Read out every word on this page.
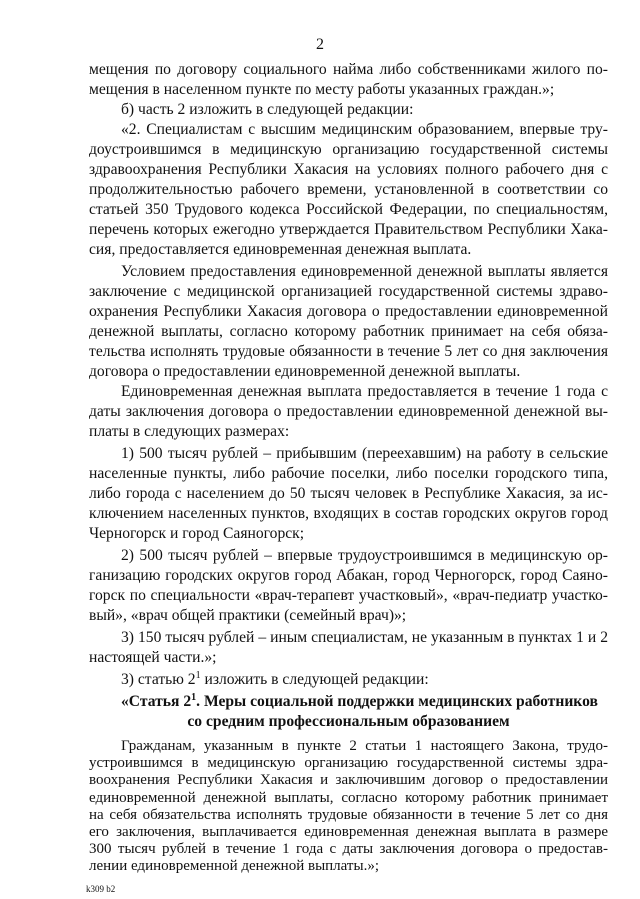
2

мещения по договору социального найма либо собственниками жилого по-

мещения в населенном пункте по месту работы указанных граждан.»;

б) часть 2 изложить в следующей редакции:

«2. Специалистам с высшим медицинским образованием, впервые тру-

доустроившимся в медицинскую организацию государственной системы

здравоохранения Республики Хакасия на условиях полного рабочего дня с

продолжительностью рабочего времени, установленной в соответствии со

статьей 350 Трудового кодекса Российской Федерации, по специальностям,

перечень которых ежегодно утверждается Правительством Республики Хака-

сия, предоставляется единовременная денежная выплата.

Условием предоставления единовременной денежной выплаты является

заключение с медицинской организацией государственной системы здраво-

охранения Республики Хакасия договора о предоставлении единовременной

денежной выплаты, согласно которому работник принимает на себя обяза-

тельства исполнять трудовые обязанности в течение 5 лет со дня заключения

договора о предоставлении единовременной денежной выплаты.

Единовременная денежная выплата предоставляется в течение 1 года с

даты заключения договора о предоставлении единовременной денежной вы-

платы в следующих размерах:

1) 500 тысяч рублей – прибывшим (переехавшим) на работу в сельские

населенные пункты, либо рабочие поселки, либо поселки городского типа,

либо города с населением до 50 тысяч человек в Республике Хакасия, за ис-

ключением населенных пунктов, входящих в состав городских округов город

Черногорск и город Саяногорск;

2) 500 тысяч рублей – впервые трудоустроившимся в медицинскую ор-

ганизацию городских округов город Абакан, город Черногорск, город Саяно-

горск по специальности «врач-терапевт участковый», «врач-педиатр участко-

вый», «врач общей практики (семейный врач)»;

3) 150 тысяч рублей – иным специалистам, не указанным в пунктах 1 и 2

настоящей части.»;

3) статью $2^1$ изложить в следующей редакции:

«Статья $2^1$. Меры социальной поддержки медицинских работников

со средним профессиональным образованием

Гражданам, указанным в пункте 2 статьи 1 настоящего Закона, трудо-

устроившимся в медицинскую организацию государственной системы здра-

воохранения Республики Хакасия и заключившим договор о предоставлении

единовременной денежной выплаты, согласно которому работник принимает

на себя обязательства исполнять трудовые обязанности в течение 5 лет со дня

его заключения, выплачивается единовременная денежная выплата в размере

300 тысяч рублей в течение 1 года с даты заключения договора о предостав-

лении единовременной денежной выплаты.»;

k309 b2
